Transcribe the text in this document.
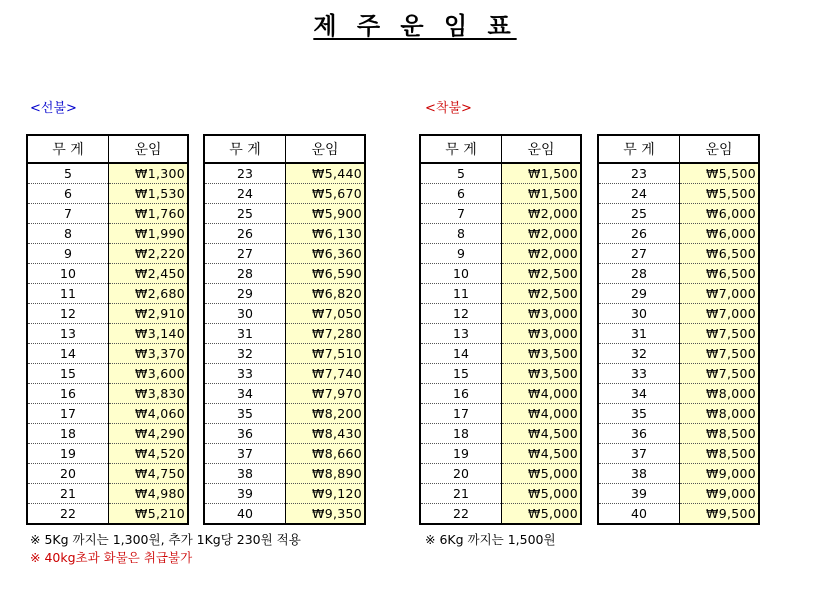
제 주 운 임 표
<선불>	<착불>
무 게	운임
5	₩1,300
6	₩1,530
7	₩1,760
8	₩1,990
9	₩2,220
10	₩2,450
11	₩2,680
12	₩2,910
13	₩3,140
14	₩3,370
15	₩3,600
16	₩3,830
17	₩4,060
18	₩4,290
19	₩4,520
20	₩4,750
21	₩4,980
22	₩5,210
무 게	운임
23	₩5,440
24	₩5,670
25	₩5,900
26	₩6,130
27	₩6,360
28	₩6,590
29	₩6,820
30	₩7,050
31	₩7,280
32	₩7,510
33	₩7,740
34	₩7,970
35	₩8,200
36	₩8,430
37	₩8,660
38	₩8,890
39	₩9,120
40	₩9,350
무 게	운임
5	₩1,500
6	₩1,500
7	₩2,000
8	₩2,000
9	₩2,000
10	₩2,500
11	₩2,500
12	₩3,000
13	₩3,000
14	₩3,500
15	₩3,500
16	₩4,000
17	₩4,000
18	₩4,500
19	₩4,500
20	₩5,000
21	₩5,000
22	₩5,000
무 게	운임
23	₩5,500
24	₩5,500
25	₩6,000
26	₩6,000
27	₩6,500
28	₩6,500
29	₩7,000
30	₩7,000
31	₩7,500
32	₩7,500
33	₩7,500
34	₩8,000
35	₩8,000
36	₩8,500
37	₩8,500
38	₩9,000
39	₩9,000
40	₩9,500
※ 5Kg 까지는 1,300원, 추가 1Kg당 230원 적용
※ 40kg초과 화물은 취급불가
※ 6Kg 까지는 1,500원
